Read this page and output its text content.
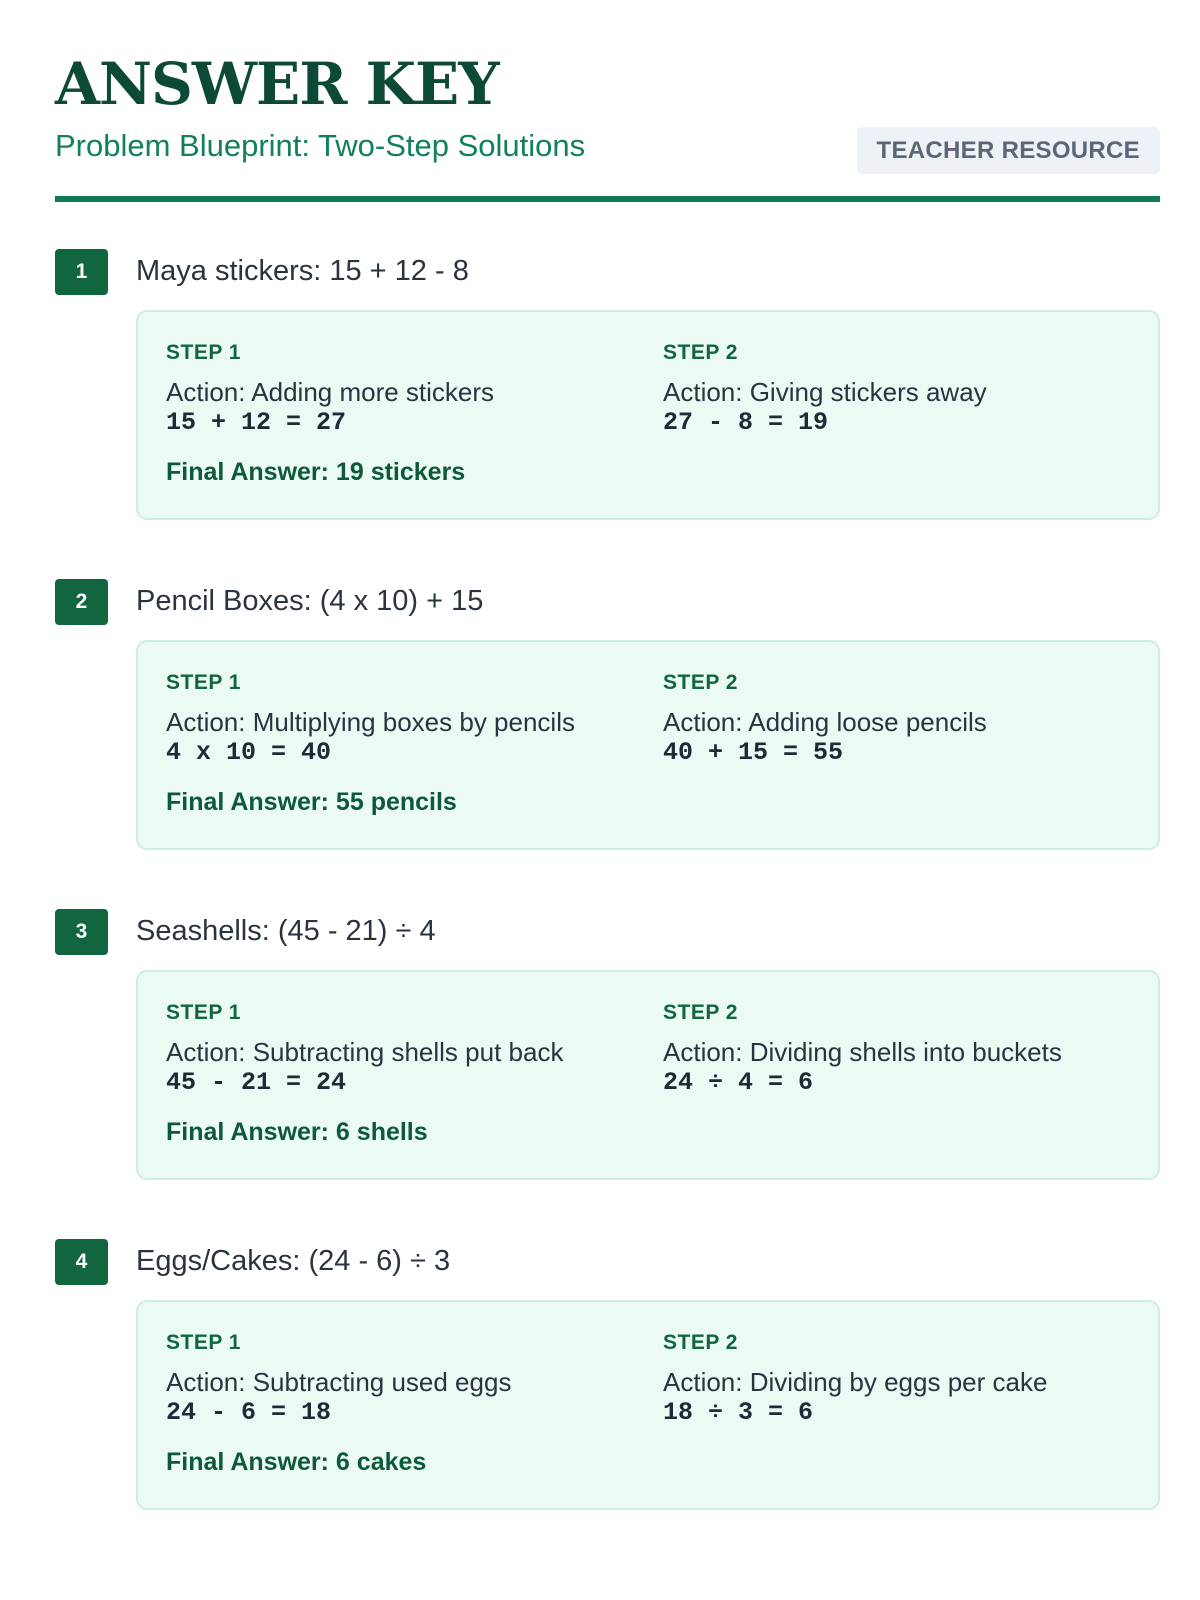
ANSWER KEY

Problem Blueprint: Two-Step Solutions	TEACHER RESOURCE
1	Maya stickers: 15 + 12 - 8
STEP 1
Action: Adding more stickers
15 + 12 = 27
STEP 2
Action: Giving stickers away
27 - 8 = 19
Final Answer: 19 stickers
2	Pencil Boxes: (4 x 10) + 15
STEP 1
Action: Multiplying boxes by pencils
4 x 10 = 40
STEP 2
Action: Adding loose pencils
40 + 15 = 55
Final Answer: 55 pencils
3	Seashells: (45 - 21) ÷ 4
STEP 1
Action: Subtracting shells put back
45 - 21 = 24
STEP 2
Action: Dividing shells into buckets
24 ÷ 4 = 6
Final Answer: 6 shells
4	Eggs/Cakes: (24 - 6) ÷ 3
STEP 1
Action: Subtracting used eggs
24 - 6 = 18
STEP 2
Action: Dividing by eggs per cake
18 ÷ 3 = 6
Final Answer: 6 cakes
